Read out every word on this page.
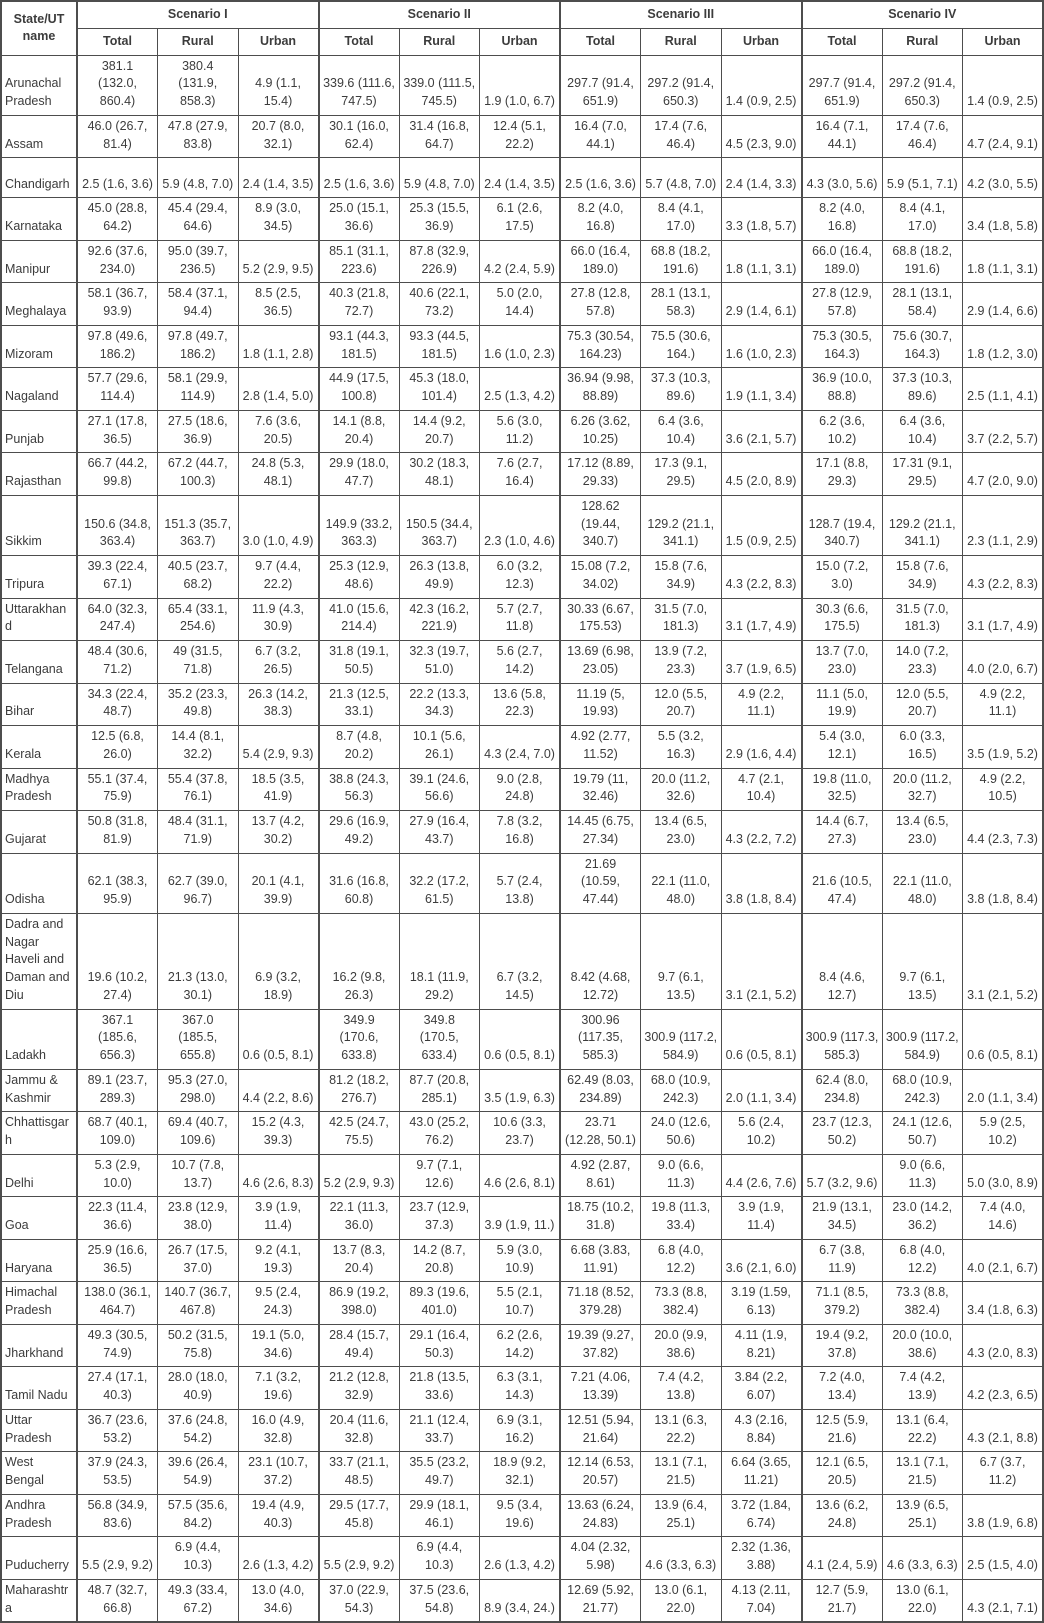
State/UT name	Scenario I			Scenario II			Scenario III			Scenario IV		
	Total	Rural	Urban	Total	Rural	Urban	Total	Rural	Urban	Total	Rural	Urban
Arunachal Pradesh	381.1 (132.0, 860.4)	380.4 (131.9, 858.3)	4.9 (1.1, 15.4)	339.6 (111.6, 747.5)	339.0 (111.5, 745.5)	1.9 (1.0, 6.7)	297.7 (91.4, 651.9)	297.2 (91.4, 650.3)	1.4 (0.9, 2.5)	297.7 (91.4, 651.9)	297.2 (91.4, 650.3)	1.4 (0.9, 2.5)
Assam	46.0 (26.7, 81.4)	47.8 (27.9, 83.8)	20.7 (8.0, 32.1)	30.1 (16.0, 62.4)	31.4 (16.8, 64.7)	12.4 (5.1, 22.2)	16.4 (7.0, 44.1)	17.4 (7.6, 46.4)	4.5 (2.3, 9.0)	16.4 (7.1, 44.1)	17.4 (7.6, 46.4)	4.7 (2.4, 9.1)
Chandigarh	2.5 (1.6, 3.6)	5.9 (4.8, 7.0)	2.4 (1.4, 3.5)	2.5 (1.6, 3.6)	5.9 (4.8, 7.0)	2.4 (1.4, 3.5)	2.5 (1.6, 3.6)	5.7 (4.8, 7.0)	2.4 (1.4, 3.3)	4.3 (3.0, 5.6)	5.9 (5.1, 7.1)	4.2 (3.0, 5.5)
Karnataka	45.0 (28.8, 64.2)	45.4 (29.4, 64.6)	8.9 (3.0, 34.5)	25.0 (15.1, 36.6)	25.3 (15.5, 36.9)	6.1 (2.6, 17.5)	8.2 (4.0, 16.8)	8.4 (4.1, 17.0)	3.3 (1.8, 5.7)	8.2 (4.0, 16.8)	8.4 (4.1, 17.0)	3.4 (1.8, 5.8)
Manipur	92.6 (37.6, 234.0)	95.0 (39.7, 236.5)	5.2 (2.9, 9.5)	85.1 (31.1, 223.6)	87.8 (32.9, 226.9)	4.2 (2.4, 5.9)	66.0 (16.4, 189.0)	68.8 (18.2, 191.6)	1.8 (1.1, 3.1)	66.0 (16.4, 189.0)	68.8 (18.2, 191.6)	1.8 (1.1, 3.1)
Meghalaya	58.1 (36.7, 93.9)	58.4 (37.1, 94.4)	8.5 (2.5, 36.5)	40.3 (21.8, 72.7)	40.6 (22.1, 73.2)	5.0 (2.0, 14.4)	27.8 (12.8, 57.8)	28.1 (13.1, 58.3)	2.9 (1.4, 6.1)	27.8 (12.9, 57.8)	28.1 (13.1, 58.4)	2.9 (1.4, 6.6)
Mizoram	97.8 (49.6, 186.2)	97.8 (49.7, 186.2)	1.8 (1.1, 2.8)	93.1 (44.3, 181.5)	93.3 (44.5, 181.5)	1.6 (1.0, 2.3)	75.3 (30.54, 164.23)	75.5 (30.6, 164.)	1.6 (1.0, 2.3)	75.3 (30.5, 164.3)	75.6 (30.7, 164.3)	1.8 (1.2, 3.0)
Nagaland	57.7 (29.6, 114.4)	58.1 (29.9, 114.9)	2.8 (1.4, 5.0)	44.9 (17.5, 100.8)	45.3 (18.0, 101.4)	2.5 (1.3, 4.2)	36.94 (9.98, 88.89)	37.3 (10.3, 89.6)	1.9 (1.1, 3.4)	36.9 (10.0, 88.8)	37.3 (10.3, 89.6)	2.5 (1.1, 4.1)
Punjab	27.1 (17.8, 36.5)	27.5 (18.6, 36.9)	7.6 (3.6, 20.5)	14.1 (8.8, 20.4)	14.4 (9.2, 20.7)	5.6 (3.0, 11.2)	6.26 (3.62, 10.25)	6.4 (3.6, 10.4)	3.6 (2.1, 5.7)	6.2 (3.6, 10.2)	6.4 (3.6, 10.4)	3.7 (2.2, 5.7)
Rajasthan	66.7 (44.2, 99.8)	67.2 (44.7, 100.3)	24.8 (5.3, 48.1)	29.9 (18.0, 47.7)	30.2 (18.3, 48.1)	7.6 (2.7, 16.4)	17.12 (8.89, 29.33)	17.3 (9.1, 29.5)	4.5 (2.0, 8.9)	17.1 (8.8, 29.3)	17.31 (9.1, 29.5)	4.7 (2.0, 9.0)
Sikkim	150.6 (34.8, 363.4)	151.3 (35.7, 363.7)	3.0 (1.0, 4.9)	149.9 (33.2, 363.3)	150.5 (34.4, 363.7)	2.3 (1.0, 4.6)	128.62 (19.44, 340.7)	129.2 (21.1, 341.1)	1.5 (0.9, 2.5)	128.7 (19.4, 340.7)	129.2 (21.1, 341.1)	2.3 (1.1, 2.9)
Tripura	39.3 (22.4, 67.1)	40.5 (23.7, 68.2)	9.7 (4.4, 22.2)	25.3 (12.9, 48.6)	26.3 (13.8, 49.9)	6.0 (3.2, 12.3)	15.08 (7.2, 34.02)	15.8 (7.6, 34.9)	4.3 (2.2, 8.3)	15.0 (7.2, 3.0)	15.8 (7.6, 34.9)	4.3 (2.2, 8.3)
Uttarakhand	64.0 (32.3, 247.4)	65.4 (33.1, 254.6)	11.9 (4.3, 30.9)	41.0 (15.6, 214.4)	42.3 (16.2, 221.9)	5.7 (2.7, 11.8)	30.33 (6.67, 175.53)	31.5 (7.0, 181.3)	3.1 (1.7, 4.9)	30.3 (6.6, 175.5)	31.5 (7.0, 181.3)	3.1 (1.7, 4.9)
Telangana	48.4 (30.6, 71.2)	49 (31.5, 71.8)	6.7 (3.2, 26.5)	31.8 (19.1, 50.5)	32.3 (19.7, 51.0)	5.6 (2.7, 14.2)	13.69 (6.98, 23.05)	13.9 (7.2, 23.3)	3.7 (1.9, 6.5)	13.7 (7.0, 23.0)	14.0 (7.2, 23.3)	4.0 (2.0, 6.7)
Bihar	34.3 (22.4, 48.7)	35.2 (23.3, 49.8)	26.3 (14.2, 38.3)	21.3 (12.5, 33.1)	22.2 (13.3, 34.3)	13.6 (5.8, 22.3)	11.19 (5, 19.93)	12.0 (5.5, 20.7)	4.9 (2.2, 11.1)	11.1 (5.0, 19.9)	12.0 (5.5, 20.7)	4.9 (2.2, 11.1)
Kerala	12.5 (6.8, 26.0)	14.4 (8.1, 32.2)	5.4 (2.9, 9.3)	8.7 (4.8, 20.2)	10.1 (5.6, 26.1)	4.3 (2.4, 7.0)	4.92 (2.77, 11.52)	5.5 (3.2, 16.3)	2.9 (1.6, 4.4)	5.4 (3.0, 12.1)	6.0 (3.3, 16.5)	3.5 (1.9, 5.2)
Madhya Pradesh	55.1 (37.4, 75.9)	55.4 (37.8, 76.1)	18.5 (3.5, 41.9)	38.8 (24.3, 56.3)	39.1 (24.6, 56.6)	9.0 (2.8, 24.8)	19.79 (11, 32.46)	20.0 (11.2, 32.6)	4.7 (2.1, 10.4)	19.8 (11.0, 32.5)	20.0 (11.2, 32.7)	4.9 (2.2, 10.5)
Gujarat	50.8 (31.8, 81.9)	48.4 (31.1, 71.9)	13.7 (4.2, 30.2)	29.6 (16.9, 49.2)	27.9 (16.4, 43.7)	7.8 (3.2, 16.8)	14.45 (6.75, 27.34)	13.4 (6.5, 23.0)	4.3 (2.2, 7.2)	14.4 (6.7, 27.3)	13.4 (6.5, 23.0)	4.4 (2.3, 7.3)
Odisha	62.1 (38.3, 95.9)	62.7 (39.0, 96.7)	20.1 (4.1, 39.9)	31.6 (16.8, 60.8)	32.2 (17.2, 61.5)	5.7 (2.4, 13.8)	21.69 (10.59, 47.44)	22.1 (11.0, 48.0)	3.8 (1.8, 8.4)	21.6 (10.5, 47.4)	22.1 (11.0, 48.0)	3.8 (1.8, 8.4)
Dadra and Nagar Haveli and Daman and Diu	19.6 (10.2, 27.4)	21.3 (13.0, 30.1)	6.9 (3.2, 18.9)	16.2 (9.8, 26.3)	18.1 (11.9, 29.2)	6.7 (3.2, 14.5)	8.42 (4.68, 12.72)	9.7 (6.1, 13.5)	3.1 (2.1, 5.2)	8.4 (4.6, 12.7)	9.7 (6.1, 13.5)	3.1 (2.1, 5.2)
Ladakh	367.1 (185.6, 656.3)	367.0 (185.5, 655.8)	0.6 (0.5, 8.1)	349.9 (170.6, 633.8)	349.8 (170.5, 633.4)	0.6 (0.5, 8.1)	300.96 (117.35, 585.3)	300.9 (117.2, 584.9)	0.6 (0.5, 8.1)	300.9 (117.3, 585.3)	300.9 (117.2, 584.9)	0.6 (0.5, 8.1)
Jammu & Kashmir	89.1 (23.7, 289.3)	95.3 (27.0, 298.0)	4.4 (2.2, 8.6)	81.2 (18.2, 276.7)	87.7 (20.8, 285.1)	3.5 (1.9, 6.3)	62.49 (8.03, 234.89)	68.0 (10.9, 242.3)	2.0 (1.1, 3.4)	62.4 (8.0, 234.8)	68.0 (10.9, 242.3)	2.0 (1.1, 3.4)
Chhattisgarh	68.7 (40.1, 109.0)	69.4 (40.7, 109.6)	15.2 (4.3, 39.3)	42.5 (24.7, 75.5)	43.0 (25.2, 76.2)	10.6 (3.3, 23.7)	23.71 (12.28, 50.1)	24.0 (12.6, 50.6)	5.6 (2.4, 10.2)	23.7 (12.3, 50.2)	24.1 (12.6, 50.7)	5.9 (2.5, 10.2)
Delhi	5.3 (2.9, 10.0)	10.7 (7.8, 13.7)	4.6 (2.6, 8.3)	5.2 (2.9, 9.3)	9.7 (7.1, 12.6)	4.6 (2.6, 8.1)	4.92 (2.87, 8.61)	9.0 (6.6, 11.3)	4.4 (2.6, 7.6)	5.7 (3.2, 9.6)	9.0 (6.6, 11.3)	5.0 (3.0, 8.9)
Goa	22.3 (11.4, 36.6)	23.8 (12.9, 38.0)	3.9 (1.9, 11.4)	22.1 (11.3, 36.0)	23.7 (12.9, 37.3)	3.9 (1.9, 11.)	18.75 (10.2, 31.8)	19.8 (11.3, 33.4)	3.9 (1.9, 11.4)	21.9 (13.1, 34.5)	23.0 (14.2, 36.2)	7.4 (4.0, 14.6)
Haryana	25.9 (16.6, 36.5)	26.7 (17.5, 37.0)	9.2 (4.1, 19.3)	13.7 (8.3, 20.4)	14.2 (8.7, 20.8)	5.9 (3.0, 10.9)	6.68 (3.83, 11.91)	6.8 (4.0, 12.2)	3.6 (2.1, 6.0)	6.7 (3.8, 11.9)	6.8 (4.0, 12.2)	4.0 (2.1, 6.7)
Himachal Pradesh	138.0 (36.1, 464.7)	140.7 (36.7, 467.8)	9.5 (2.4, 24.3)	86.9 (19.2, 398.0)	89.3 (19.6, 401.0)	5.5 (2.1, 10.7)	71.18 (8.52, 379.28)	73.3 (8.8, 382.4)	3.19 (1.59, 6.13)	71.1 (8.5, 379.2)	73.3 (8.8, 382.4)	3.4 (1.8, 6.3)
Jharkhand	49.3 (30.5, 74.9)	50.2 (31.5, 75.8)	19.1 (5.0, 34.6)	28.4 (15.7, 49.4)	29.1 (16.4, 50.3)	6.2 (2.6, 14.2)	19.39 (9.27, 37.82)	20.0 (9.9, 38.6)	4.11 (1.9, 8.21)	19.4 (9.2, 37.8)	20.0 (10.0, 38.6)	4.3 (2.0, 8.3)
Tamil Nadu	27.4 (17.1, 40.3)	28.0 (18.0, 40.9)	7.1 (3.2, 19.6)	21.2 (12.8, 32.9)	21.8 (13.5, 33.6)	6.3 (3.1, 14.3)	7.21 (4.06, 13.39)	7.4 (4.2, 13.8)	3.84 (2.2, 6.07)	7.2 (4.0, 13.4)	7.4 (4.2, 13.9)	4.2 (2.3, 6.5)
Uttar Pradesh	36.7 (23.6, 53.2)	37.6 (24.8, 54.2)	16.0 (4.9, 32.8)	20.4 (11.6, 32.8)	21.1 (12.4, 33.7)	6.9 (3.1, 16.2)	12.51 (5.94, 21.64)	13.1 (6.3, 22.2)	4.3 (2.16, 8.84)	12.5 (5.9, 21.6)	13.1 (6.4, 22.2)	4.3 (2.1, 8.8)
West Bengal	37.9 (24.3, 53.5)	39.6 (26.4, 54.9)	23.1 (10.7, 37.2)	33.7 (21.1, 48.5)	35.5 (23.2, 49.7)	18.9 (9.2, 32.1)	12.14 (6.53, 20.57)	13.1 (7.1, 21.5)	6.64 (3.65, 11.21)	12.1 (6.5, 20.5)	13.1 (7.1, 21.5)	6.7 (3.7, 11.2)
Andhra Pradesh	56.8 (34.9, 83.6)	57.5 (35.6, 84.2)	19.4 (4.9, 40.3)	29.5 (17.7, 45.8)	29.9 (18.1, 46.1)	9.5 (3.4, 19.6)	13.63 (6.24, 24.83)	13.9 (6.4, 25.1)	3.72 (1.84, 6.74)	13.6 (6.2, 24.8)	13.9 (6.5, 25.1)	3.8 (1.9, 6.8)
Puducherry	5.5 (2.9, 9.2)	6.9 (4.4, 10.3)	2.6 (1.3, 4.2)	5.5 (2.9, 9.2)	6.9 (4.4, 10.3)	2.6 (1.3, 4.2)	4.04 (2.32, 5.98)	4.6 (3.3, 6.3)	2.32 (1.36, 3.88)	4.1 (2.4, 5.9)	4.6 (3.3, 6.3)	2.5 (1.5, 4.0)
Maharashtra	48.7 (32.7, 66.8)	49.3 (33.4, 67.2)	13.0 (4.0, 34.6)	37.0 (22.9, 54.3)	37.5 (23.6, 54.8)	8.9 (3.4, 24.)	12.69 (5.92, 21.77)	13.0 (6.1, 22.0)	4.13 (2.11, 7.04)	12.7 (5.9, 21.7)	13.0 (6.1, 22.0)	4.3 (2.1, 7.1)
